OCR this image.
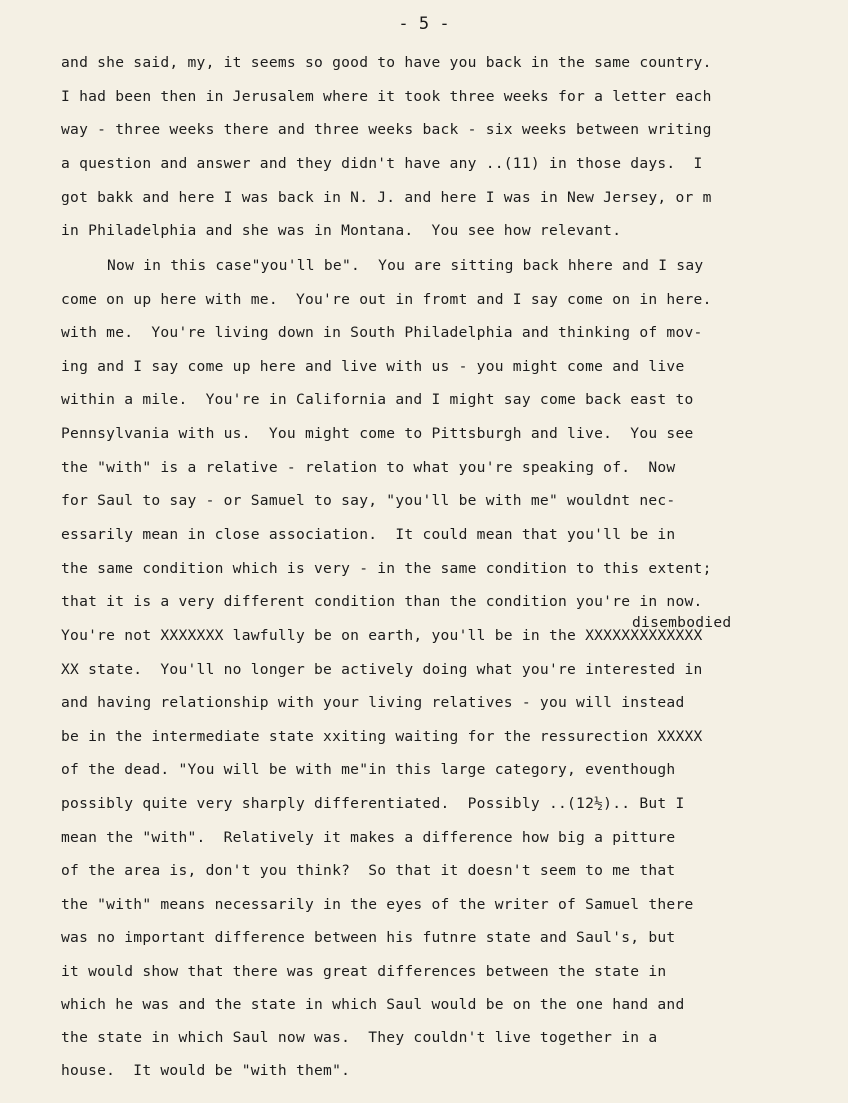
- 5 -
disembodied
and she said, my, it seems so good to have you back in the same country.
I had been then in Jerusalem where it took three weeks for a letter each
way - three weeks there and three weeks back - six weeks between writing
a question and answer and they didn't have any ..(11) in those days.  I
got bakk and here I was back in N. J. and here I was in New Jersey, or m
in Philadelphia and she was in Montana.  You see how relevant.
Now in this case"you'll be".  You are sitting back hhere and I say
come on up here with me.  You're out in fromt and I say come on in here.
with me.  You're living down in South Philadelphia and thinking of mov-
ing and I say come up here and live with us - you might come and live
within a mile.  You're in California and I might say come back east to
Pennsylvania with us.  You might come to Pittsburgh and live.  You see
the "with" is a relative - relation to what you're speaking of.  Now
for Saul to say - or Samuel to say, "you'll be with me" wouldnt nec-
essarily mean in close association.  It could mean that you'll be in
the same condition which is very - in the same condition to this extent;
that it is a very different condition than the condition you're in now.
You're not XXXXXXX lawfully be on earth, you'll be in the XXXXXXXXXXXXX
XX state.  You'll no longer be actively doing what you're interested in
and having relationship with your living relatives - you will instead
be in the intermediate state xxiting waiting for the ressurection XXXXX
of the dead. "You will be with me"in this large category, eventhough
possibly quite very sharply differentiated.  Possibly ..(12½).. But I
mean the "with".  Relatively it makes a difference how big a pitture
of the area is, don't you think?  So that it doesn't seem to me that
the "with" means necessarily in the eyes of the writer of Samuel there
was no important difference between his futnre state and Saul's, but
it would show that there was great differences between the state in
which he was and the state in which Saul would be on the one hand and
the state in which Saul now was.  They couldn't live together in a
house.  It would be "with them".
